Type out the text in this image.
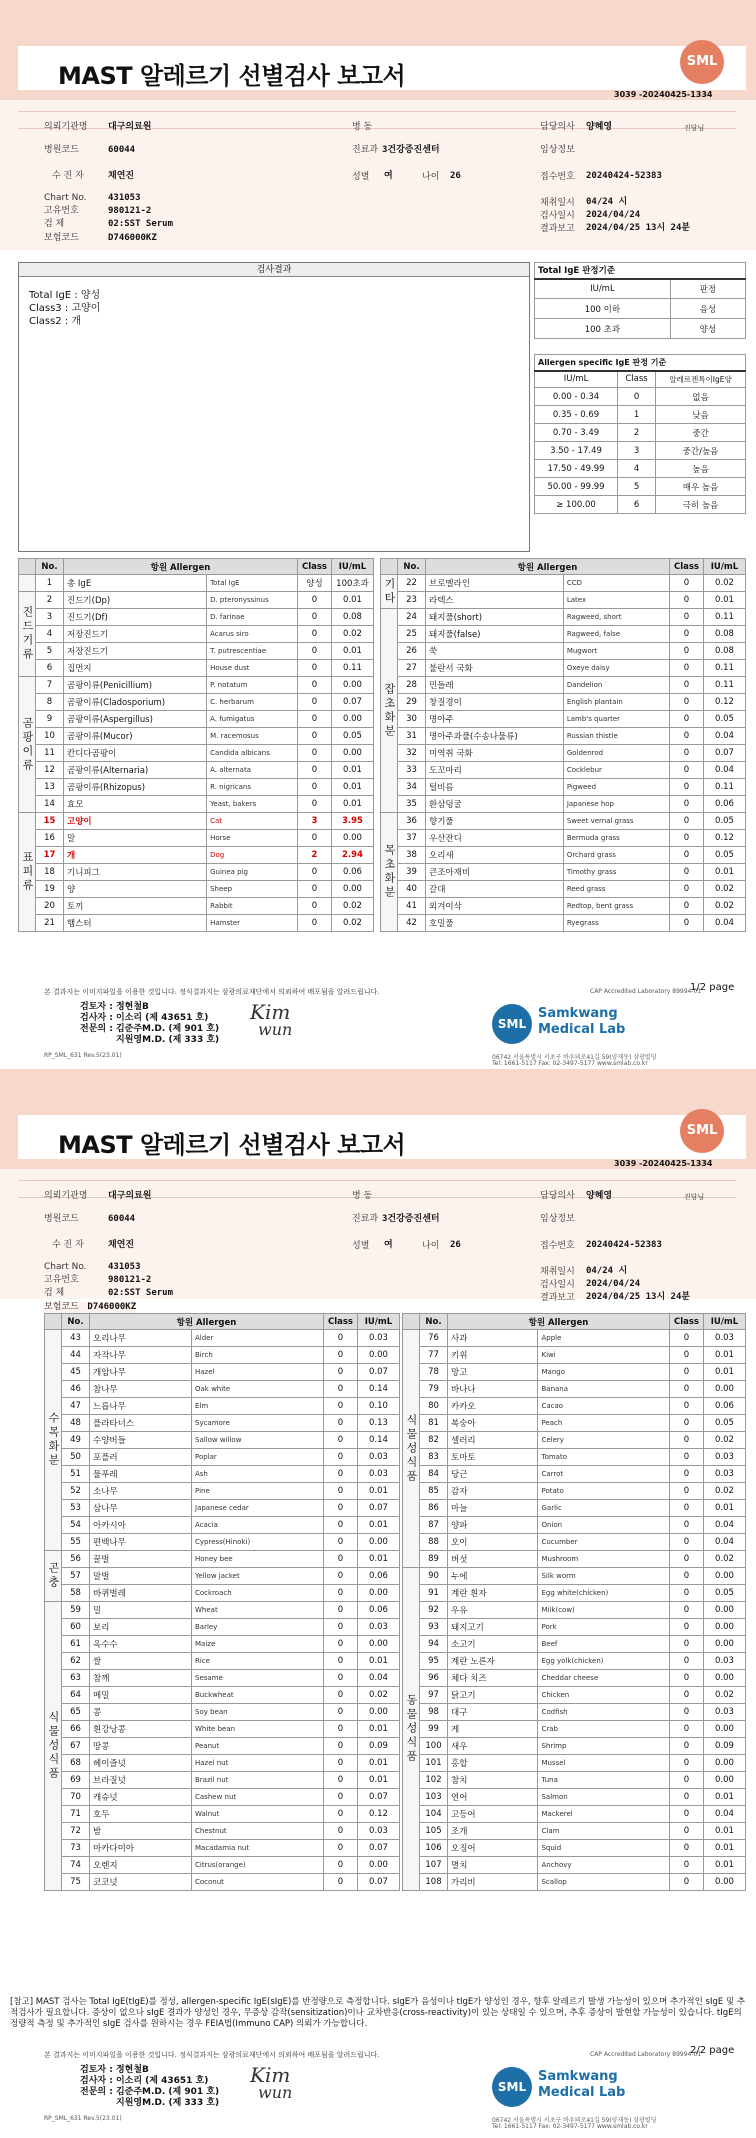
MAST 알레르기 선별검사 보고서
SML
3039 -20240425-1334
의뢰기관명 대구의료원	병 동	담당의사 양혜영	진담님
병원코드	60044	진료과 3건강증진센터	임상정보
수 진 자	채연진	성별 여	나이 26	접수번호 20240424-52383
Chart No. 431053
고유번호	980121-2
검 체	02:SST Serum
보험코드	D746000KZ
채취일시 04/24 시
검사일시 2024/04/24
결과보고 2024/04/25 13시 24분
검사결과
Total IgE : 양성
Class3 : 고양이
Class2 : 개
Total IgE 판정기준	
IU/mL	판정
100 이하	음성
100 초과	양성
Allergen specific IgE 판정 기준		
IU/mL	Class	알레르겐특이IgE양
0.00 - 0.34	0	없음
0.35 - 0.69	1	낮음
0.70 - 3.49	2	중간
3.50 - 17.49	3	중간/높음
17.50 - 49.99	4	높음
50.00 - 99.99	5	매우 높음
≥ 100.00	6	극히 높음
	No.	항원 Allergen		Class	IU/mL
	1	총 IgE	Total IgE	양성	100초과
진드기류	2	진드기(Dp)	D. pteronyssinus	0	0.01
	3	진드기(Df)	D. farinae	0	0.08
	4	저장진드기	Acarus siro	0	0.02
	5	저장진드기	T. putrescentiae	0	0.01
	6	집먼지	House dust	0	0.11
곰팡이류	7	곰팡이류(Penicillium)	P. notatum	0	0.00
	8	곰팡이류(Cladosporium)	C. herbarum	0	0.07
	9	곰팡이류(Aspergillus)	A. fumigatus	0	0.00
	10	곰팡이류(Mucor)	M. racemosus	0	0.05
	11	칸디다곰팡이	Candida albicans	0	0.00
	12	곰팡이류(Alternaria)	A. alternata	0	0.01
	13	곰팡이류(Rhizopus)	R. nigricans	0	0.01
	14	효모	Yeast, bakers	0	0.01
표피류	15	고양이	Cat	3	3.95
	16	말	Horse	0	0.00
	17	개	Dog	2	2.94
	18	기니피그	Guinea pig	0	0.06
	19	양	Sheep	0	0.00
	20	토끼	Rabbit	0	0.02
	21	햄스터	Hamster	0	0.02
	No.	항원 Allergen		Class	IU/mL
기타	22	브로멜라인	CCD	0	0.02
	23	라텍스	Latex	0	0.01
잡초화분	24	돼지풀(short)	Ragweed, short	0	0.11
	25	돼지풀(false)	Ragweed, false	0	0.08
	26	쑥	Mugwort	0	0.08
	27	불란서 국화	Oxeye daisy	0	0.11
	28	민들레	Dandelion	0	0.11
	29	창질경이	English plantain	0	0.12
	30	명아주	Lamb's quarter	0	0.05
	31	명아주과풀(수송나물류)	Russian thistle	0	0.04
	32	미역취 국화	Goldenrod	0	0.07
	33	도꼬마리	Cocklebur	0	0.04
	34	털비름	Pigweed	0	0.11
	35	환삼덩굴	Japanese hop	0	0.06
목초화분	36	향기풀	Sweet vernal grass	0	0.05
	37	우산잔디	Bermuda grass	0	0.12
	38	오리새	Orchard grass	0	0.05
	39	큰조아재비	Timothy grass	0	0.01
	40	갈대	Reed grass	0	0.02
	41	외겨이삭	Redtop, bent grass	0	0.02
	42	호밀풀	Ryegrass	0	0.04
본 결과지는 이미지파일을 이용한 것입니다. 정식결과지는 삼광의료재단에서 의뢰하여 배포됨을 알려드립니다.	CAP Accredited Laboratory 89994-01
1/2 page
검토자 : 정현철B
검사자 : 이소리 (제 43651 호)
전문의 : 김준주M.D. (제 901 호)
지원영M.D. (제 333 호)
Kim
wun	SML
Samkwang
Medical Lab
06742 서울특별시 서초구 바우뫼로41길 59(양재동) 삼광빌딩
Tel: 1661-5117 Fax: 02-3497-5177 www.smlab.co.kr
RP_SML_631 Rev.5(23.01)
MAST 알레르기 선별검사 보고서
SML
3039 -20240425-1334
의뢰기관명 대구의료원	병 동	담당의사 양혜영	진담님
병원코드	60044	진료과 3건강증진센터	임상정보
수 진 자	채연진	성별 여	나이 26	접수번호 20240424-52383
Chart No. 431053
고유번호	980121-2
검 체	02:SST Serum
채취일시 04/24 시
검사일시 2024/04/24
결과보고 2024/04/25 13시 24분
보험코드 D746000KZ
	No.	항원 Allergen		Class	IU/mL
수목화분	43	오리나무	Alder	0	0.03
	44	자작나무	Birch	0	0.00
	45	개암나무	Hazel	0	0.07
	46	참나무	Oak white	0	0.14
	47	느릅나무	Elm	0	0.10
	48	플라타너스	Sycamore	0	0.13
	49	수양버들	Sallow willow	0	0.14
	50	포플러	Poplar	0	0.03
	51	물푸레	Ash	0	0.03
	52	소나무	Pine	0	0.01
	53	삼나무	Japanese cedar	0	0.07
	54	아카시아	Acacia	0	0.01
	55	편백나무	Cypress(Hinoki)	0	0.00
곤충	56	꿀벌	Honey bee	0	0.01
	57	말벌	Yellow jacket	0	0.06
	58	바퀴벌레	Cockroach	0	0.00
식물성식품	59	밀	Wheat	0	0.06
	60	보리	Barley	0	0.03
	61	옥수수	Maize	0	0.00
	62	쌀	Rice	0	0.01
	63	참깨	Sesame	0	0.04
	64	메밀	Buckwheat	0	0.02
	65	콩	Soy bean	0	0.00
	66	흰강낭콩	White bean	0	0.01
	67	땅콩	Peanut	0	0.09
	68	헤이즐넛	Hazel nut	0	0.01
	69	브라질넛	Brazil nut	0	0.01
	70	캐슈넛	Cashew nut	0	0.07
	71	호두	Walnut	0	0.12
	72	밤	Chestnut	0	0.03
	73	마카다미아	Macadamia nut	0	0.07
	74	오렌지	Citrus(orange)	0	0.00
	75	코코넛	Coconut	0	0.07
	No.	항원 Allergen		Class	IU/mL
식물성식품	76	사과	Apple	0	0.03
	77	키위	Kiwi	0	0.01
	78	망고	Mango	0	0.01
	79	바나나	Banana	0	0.00
	80	카카오	Cacao	0	0.06
	81	복숭아	Peach	0	0.05
	82	셀러리	Celery	0	0.02
	83	토마토	Tomato	0	0.03
	84	당근	Carrot	0	0.03
	85	감자	Potato	0	0.02
	86	마늘	Garlic	0	0.01
	87	양파	Onion	0	0.04
	88	오이	Cucumber	0	0.04
	89	버섯	Mushroom	0	0.02
동물성식품	90	누에	Silk worm	0	0.00
	91	계란 흰자	Egg white(chicken)	0	0.05
	92	우유	Milk(cow)	0	0.00
	93	돼지고기	Pork	0	0.00
	94	소고기	Beef	0	0.00
	95	계란 노른자	Egg yolk(chicken)	0	0.03
	96	체다 치즈	Cheddar cheese	0	0.00
	97	닭고기	Chicken	0	0.02
	98	대구	Codfish	0	0.03
	99	게	Crab	0	0.00
	100	새우	Shrimp	0	0.09
	101	홍합	Mussel	0	0.00
	102	참치	Tuna	0	0.00
	103	연어	Salmon	0	0.01
	104	고등어	Mackerel	0	0.04
	105	조개	Clam	0	0.01
	106	오징어	Squid	0	0.01
	107	멸치	Anchovy	0	0.01
	108	가리비	Scallop	0	0.00
[참고] MAST 검사는 Total IgE(tIgE)를 정성, allergen-specific IgE(sIgE)를 반정량으로 측정합니다. sIgE가 음성이나 tIgE가 양성인 경우, 향후 알레르기 발생 가능성이 있으며 추가적인 sIgE 및 추적검사가 필요합니다. 증상이 없으나 sIgE 결과가 양성인 경우, 무증상 감작(sensitization)이나 교차반응(cross-reactivity)이 있는 상태일 수 있으며, 추후 증상이 발현할 가능성이 있습니다. tIgE의 정량적 측정 및 추가적인 sIgE 검사를 원하시는 경우 FEIA법(Immuno CAP) 의뢰가 가능합니다.
본 결과지는 이미지파일을 이용한 것입니다. 정식결과지는 삼광의료재단에서 의뢰하여 배포됨을 알려드립니다.	CAP Accredited Laboratory 89994-01
2/2 page
검토자 : 정현철B
검사자 : 이소리 (제 43651 호)
전문의 : 김준주M.D. (제 901 호)
지원영M.D. (제 333 호)
Kim
wun	SML
Samkwang
Medical Lab
06742 서울특별시 서초구 바우뫼로41길 59(양재동) 삼광빌딩
Tel: 1661-5117 Fax: 02-3497-5177 www.smlab.co.kr
RP_SML_631 Rev.5(23.01)
